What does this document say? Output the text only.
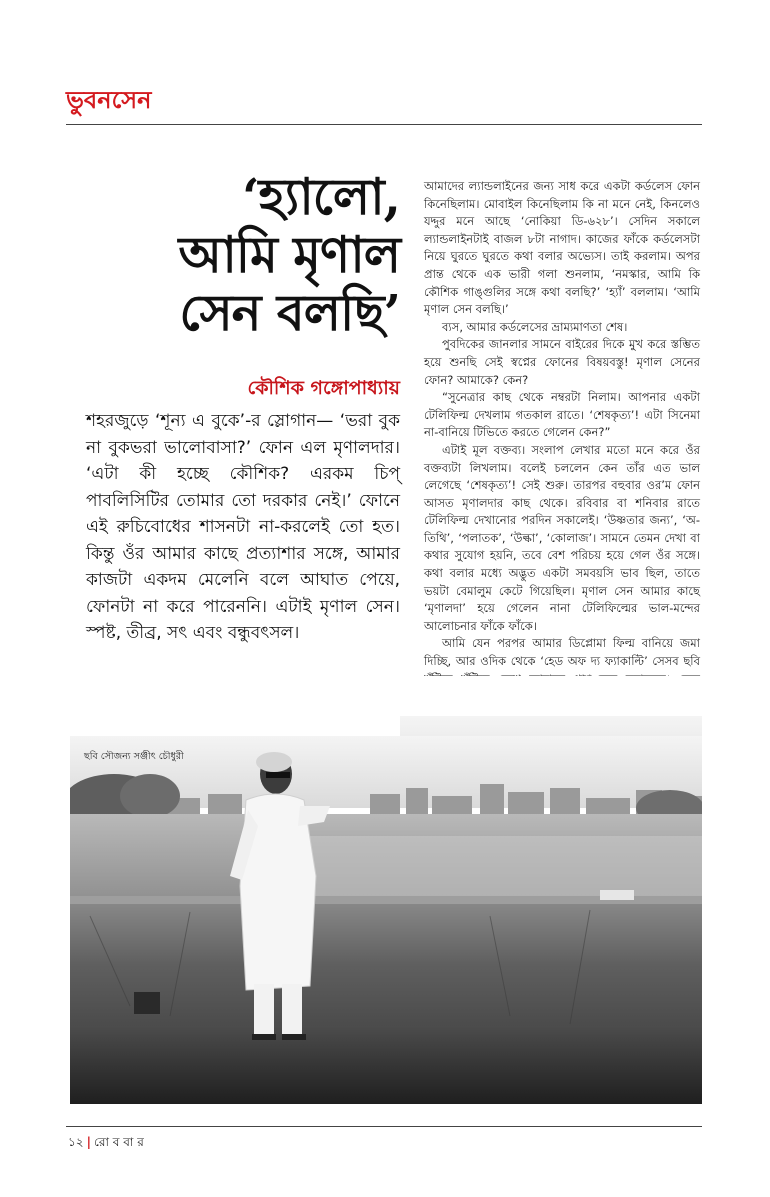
ভুবনসেন
‘হ্যালো, আমি মৃণাল সেন বলছি’
কৌশিক গঙ্গোপাধ্যায়
শহরজুড়ে ‘শূন্য এ বুকে’-র স্লোগান— ‘ভরা বুক না বুকভরা ভালোবাসা?’ ফোন এল মৃণালদার। ‘এটা কী হচ্ছে কৌশিক? এরকম চিপ্‌ পাবলিসিটির তোমার তো দরকার নেই।’ ফোনে এই রুচিবোধের শাসনটা না-করলেই তো হত। কিন্তু ওঁর আমার কাছে প্রত্যাশার সঙ্গে, আমার কাজটা একদম মেলেনি বলে আঘাত পেয়ে, ফোনটা না করে পারেননি। এটাই মৃণাল সেন। স্পষ্ট, তীব্র, সৎ এবং বন্ধুবৎসল।

আমাদের ল্যান্ডলাইনের জন্য সাধ করে একটা কর্ডলেস ফোন কিনেছিলাম। মোবাইল কিনেছিলাম কি না মনে নেই, কিনলেও যদ্দুর মনে আছে ‘নোকিয়া ডি-৬২৮’। সেদিন সকালে ল্যান্ডলাইনটাই বাজল ৮টা নাগাদ। কাজের ফাঁকে কর্ডলেসটা নিয়ে ঘুরতে ঘুরতে কথা বলার অভ্যেস। তাই করলাম। অপর প্রান্ত থেকে এক ভারী গলা শুনলাম, ‘নমস্কার, আমি কি কৌশিক গাঙ্গুলির সঙ্গে কথা বলছি?’ ‘হ্যাঁ’ বললাম। ‘আমি মৃণাল সেন বলছি।’

ব্যস, আমার কর্ডলেসের ভ্রাম্যমাণতা শেষ।

পুবদিকের জানলার সামনে বাইরের দিকে মুখ করে স্তম্ভিত হয়ে শুনছি সেই স্বপ্নের ফোনের বিষয়বস্তু! মৃণাল সেনের ফোন? আমাকে? কেন?

“সুনেত্রার কাছ থেকে নম্বরটা নিলাম। আপনার একটা টেলিফিল্ম দেখলাম গতকাল রাতে। ‘শেষকৃত্য’! এটা সিনেমা না-বানিয়ে টিভিতে করতে গেলেন কেন?”

এটাই মূল বক্তব্য। সংলাপ লেখার মতো মনে করে ওঁর বক্তব্যটা লিখলাম। বলেই চললেন কেন তাঁর এত ভাল লেগেছে ‘শেষকৃত্য’! সেই শুরু। তারপর বহুবার ওর’ম ফোন আসত মৃণালদার কাছ থেকে। রবিবার বা শনিবার রাতে টেলিফিল্ম দেখানোর পরদিন সকালেই। ‘উষ্ণতার জন্য’, ‘অ-তিথি’, ‘পলাতক’, ‘উল্কা’, ‘কোলাজ’। সামনে তেমন দেখা বা কথার সুযোগ হয়নি, তবে বেশ পরিচয় হয়ে গেল ওঁর সঙ্গে। কথা বলার মধ্যে অদ্ভুত একটা সমবয়সি ভাব ছিল, তাতে ভয়টা বেমালুম কেটে গিয়েছিল। মৃণাল সেন আমার কাছে ‘মৃণালদা’ হয়ে গেলেন নানা টেলিফিল্মের ভাল-মন্দের আলোচনার ফাঁকে ফাঁকে।

আমি যেন পরপর আমার ডিপ্লোমা ফিল্ম বানিয়ে জমা দিচ্ছি, আর ওদিক থেকে ‘হেড অফ দ্য ফ্যাকাল্টি’ সেসব ছবি

ছবি সৌজন্য সঞ্জীৎ চৌধুরী
১২ | রো ব বা র
